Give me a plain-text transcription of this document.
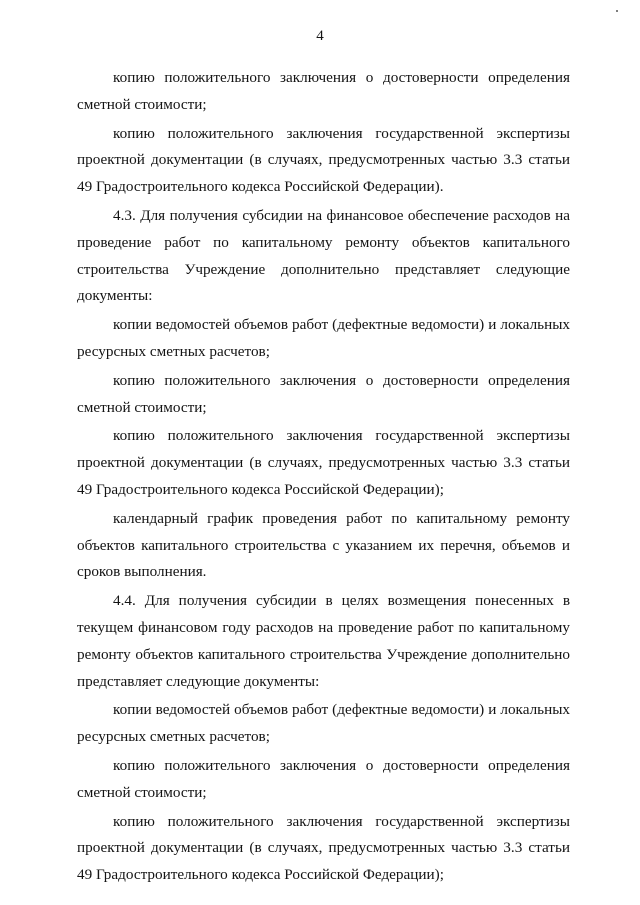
4

копию положительного заключения о достоверности определения сметной стоимости;

копию положительного заключения государственной экспертизы проектной документации (в случаях, предусмотренных частью 3.3 статьи 49 Градостроительного кодекса Российской Федерации).

4.3. Для получения субсидии на финансовое обеспечение расходов на проведение работ по капитальному ремонту объектов капитального строительства Учреждение дополнительно представляет следующие документы:

копии ведомостей объемов работ (дефектные ведомости) и локальных ресурсных сметных расчетов;

копию положительного заключения о достоверности определения сметной стоимости;

копию положительного заключения государственной экспертизы проектной документации (в случаях, предусмотренных частью 3.3 статьи 49 Градостроительного кодекса Российской Федерации);

календарный график проведения работ по капитальному ремонту объектов капитального строительства с указанием их перечня, объемов и сроков выполнения.

4.4. Для получения субсидии в целях возмещения понесенных в текущем финансовом году расходов на проведение работ по капитальному ремонту объектов капитального строительства Учреждение дополнительно представляет следующие документы:

копии ведомостей объемов работ (дефектные ведомости) и локальных ресурсных сметных расчетов;

копию положительного заключения о достоверности определения сметной стоимости;

копию положительного заключения государственной экспертизы проектной документации (в случаях, предусмотренных частью 3.3 статьи 49 Градостроительного кодекса Российской Федерации);
